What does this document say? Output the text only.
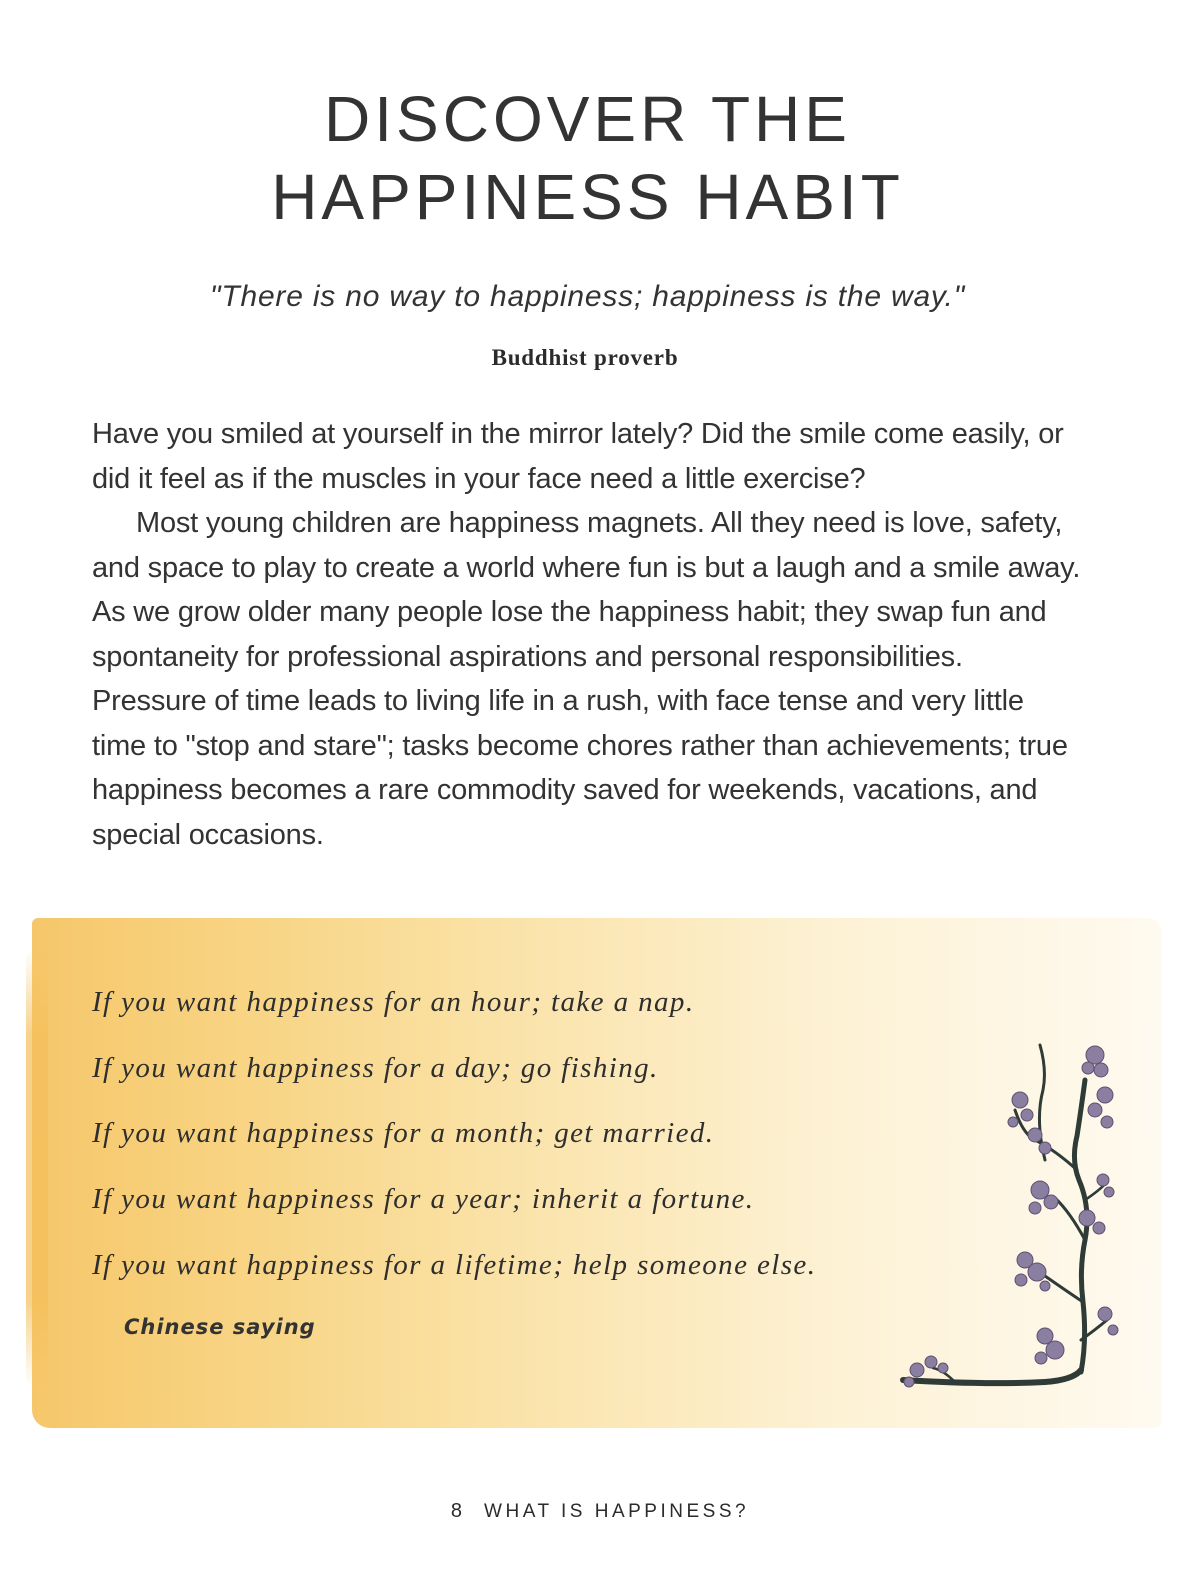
DISCOVER THE
HAPPINESS HABIT
"There is no way to happiness; happiness is the way."
Buddhist proverb

Have you smiled at yourself in the mirror lately? Did the smile come easily, or did it feel as if the muscles in your face need a little exercise?

Most young children are happiness magnets. All they need is love, safety, and space to play to create a world where fun is but a laugh and a smile away. As we grow older many people lose the happiness habit; they swap fun and spontaneity for professional aspirations and personal responsibilities. Pressure of time leads to living life in a rush, with face tense and very little time to "stop and stare"; tasks become chores rather than achievements; true happiness becomes a rare commodity saved for weekends, vacations, and special occasions.

If you want happiness for an hour; take a nap.
If you want happiness for a day; go fishing.
If you want happiness for a month; get married.
If you want happiness for a year; inherit a fortune.
If you want happiness for a lifetime; help someone else.
Chinese saying
8 WHAT IS HAPPINESS?
